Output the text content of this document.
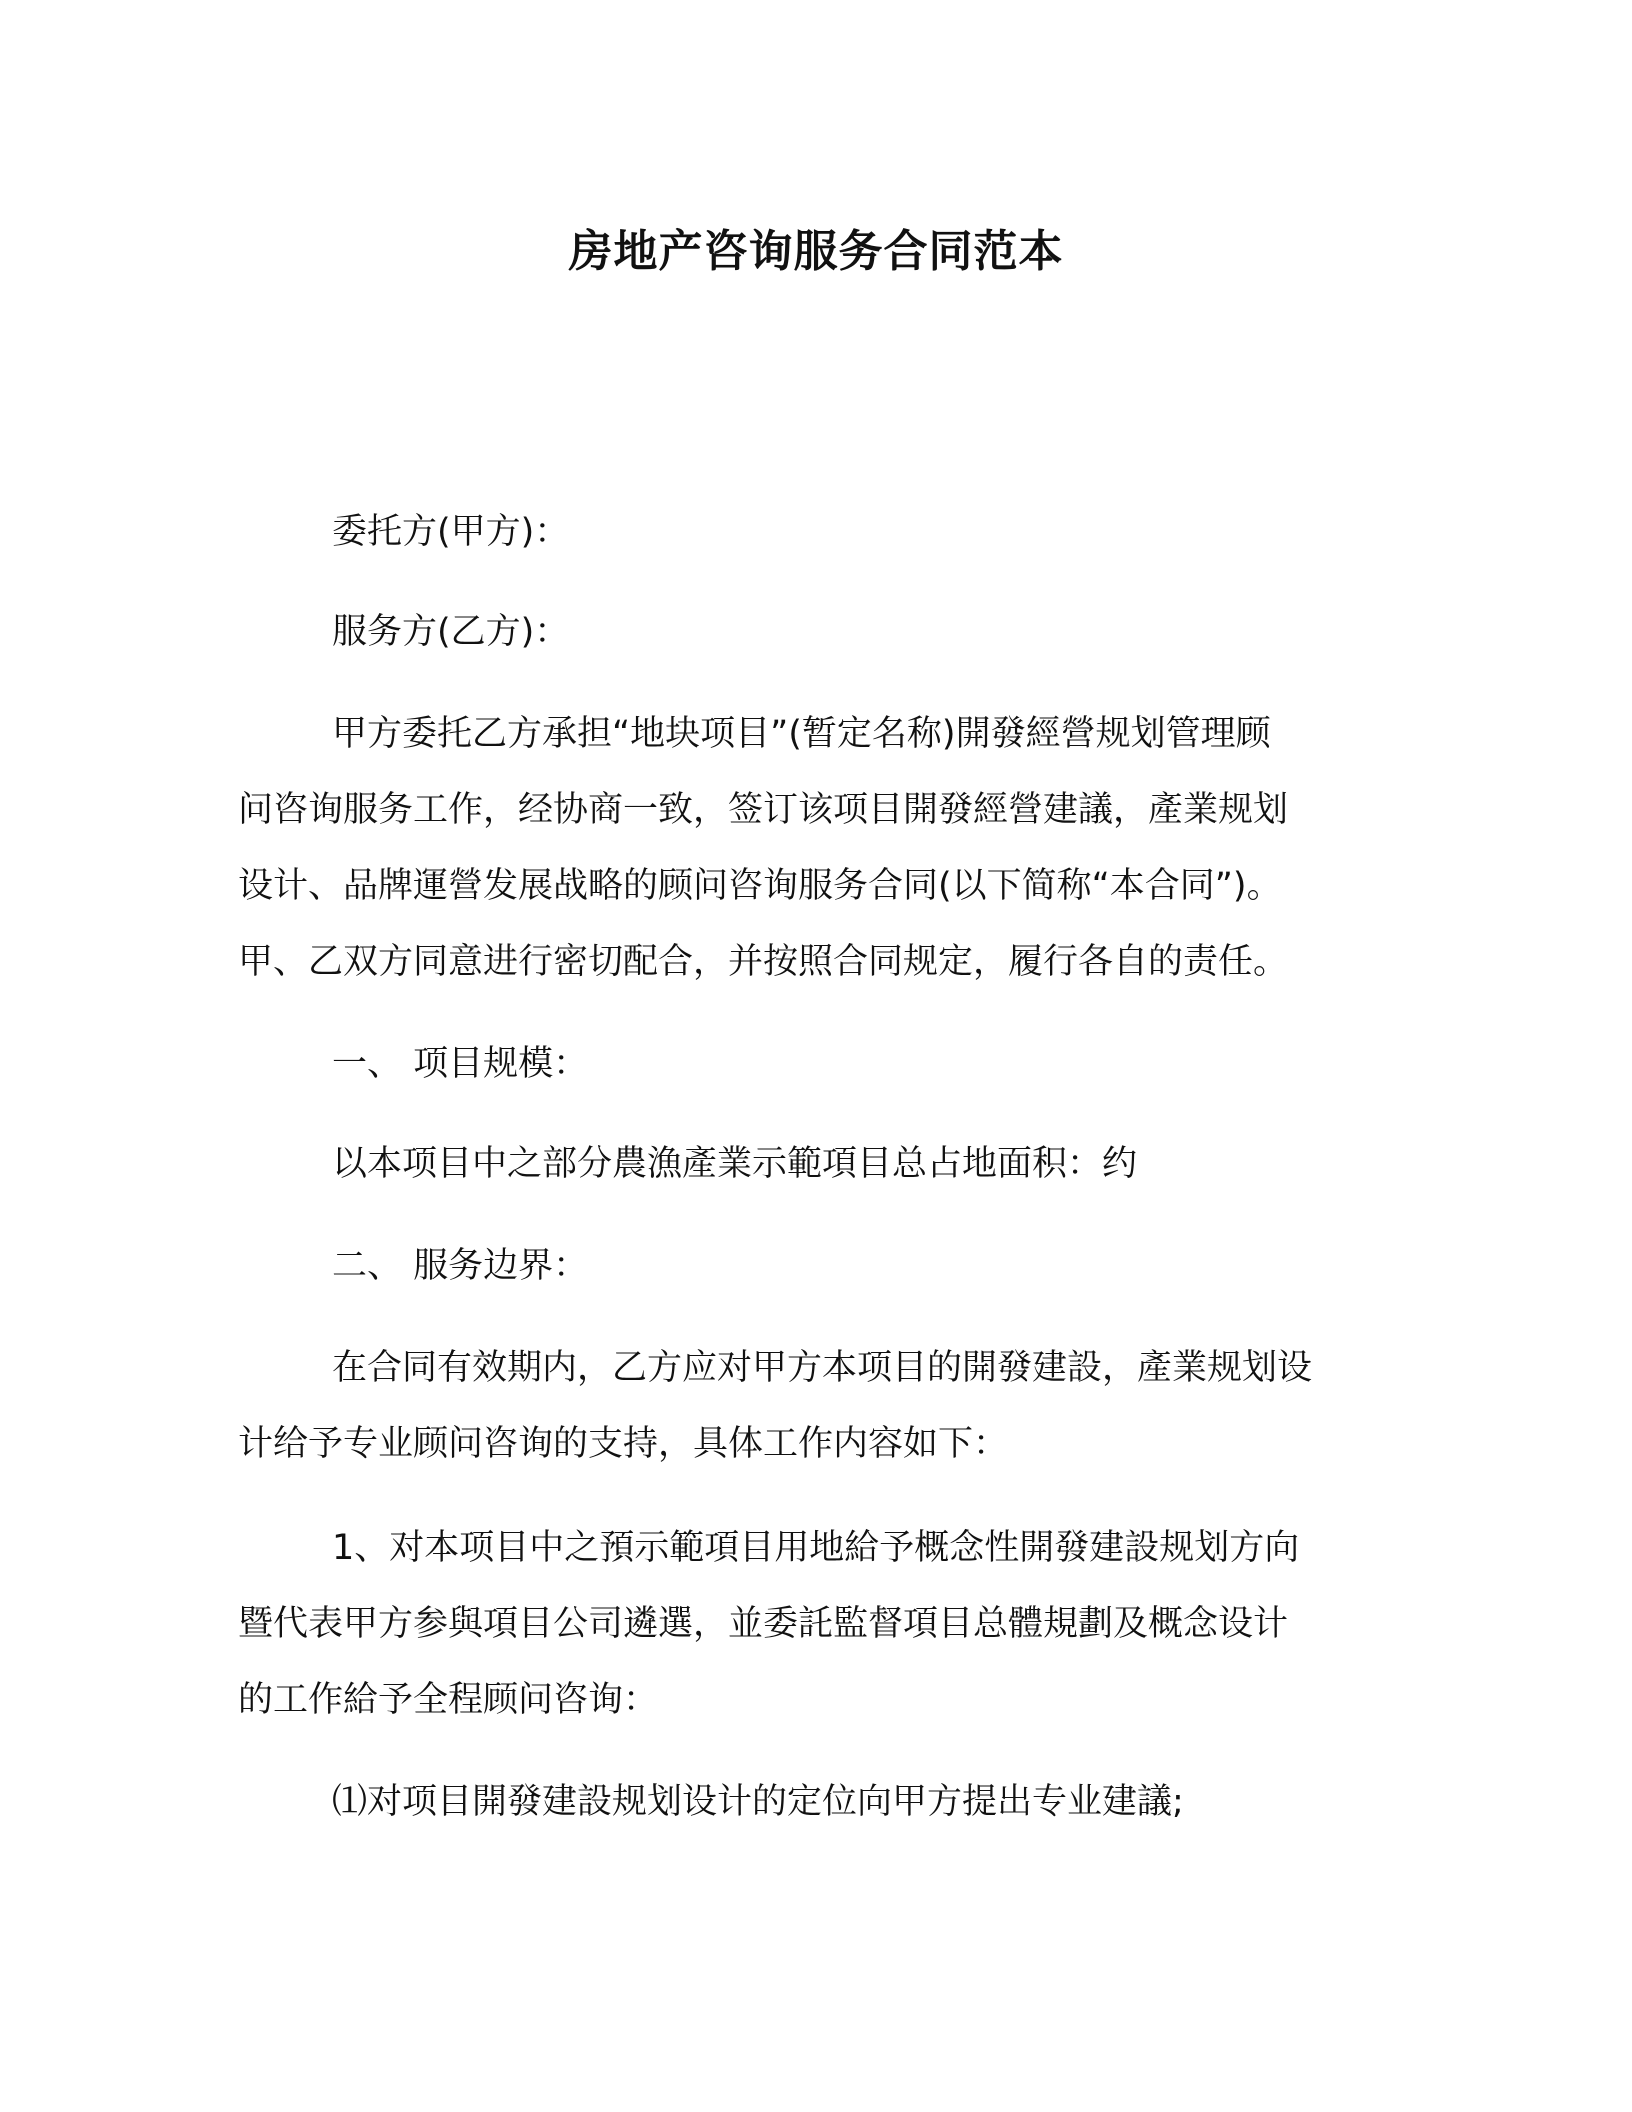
房地产咨询服务合同范本

委托方(甲方)：

服务方(乙方)：

甲方委托乙方承担“地块项目”(暂定名称)開發經營规划管理顾
问咨询服务工作，经协商一致，签订该项目開發經營建議，產業规划
设计、品牌運營发展战略的顾问咨询服务合同(以下简称“本合同”)。
甲、乙双方同意进行密切配合，并按照合同规定，履行各自的责任。

一、 项目规模：

以本项目中之部分農漁產業示範項目总占地面积：约

二、 服务边界：

在合同有效期内，乙方应对甲方本项目的開發建設，產業规划设
计给予专业顾问咨询的支持，具体工作内容如下：
1、对本项目中之預示範項目用地給予概念性開發建設规划方向
暨代表甲方参與項目公司遴選，並委託監督項目总體規劃及概念设计
的工作給予全程顾问咨询：

⑴对项目開發建設规划设计的定位向甲方提出专业建議;
